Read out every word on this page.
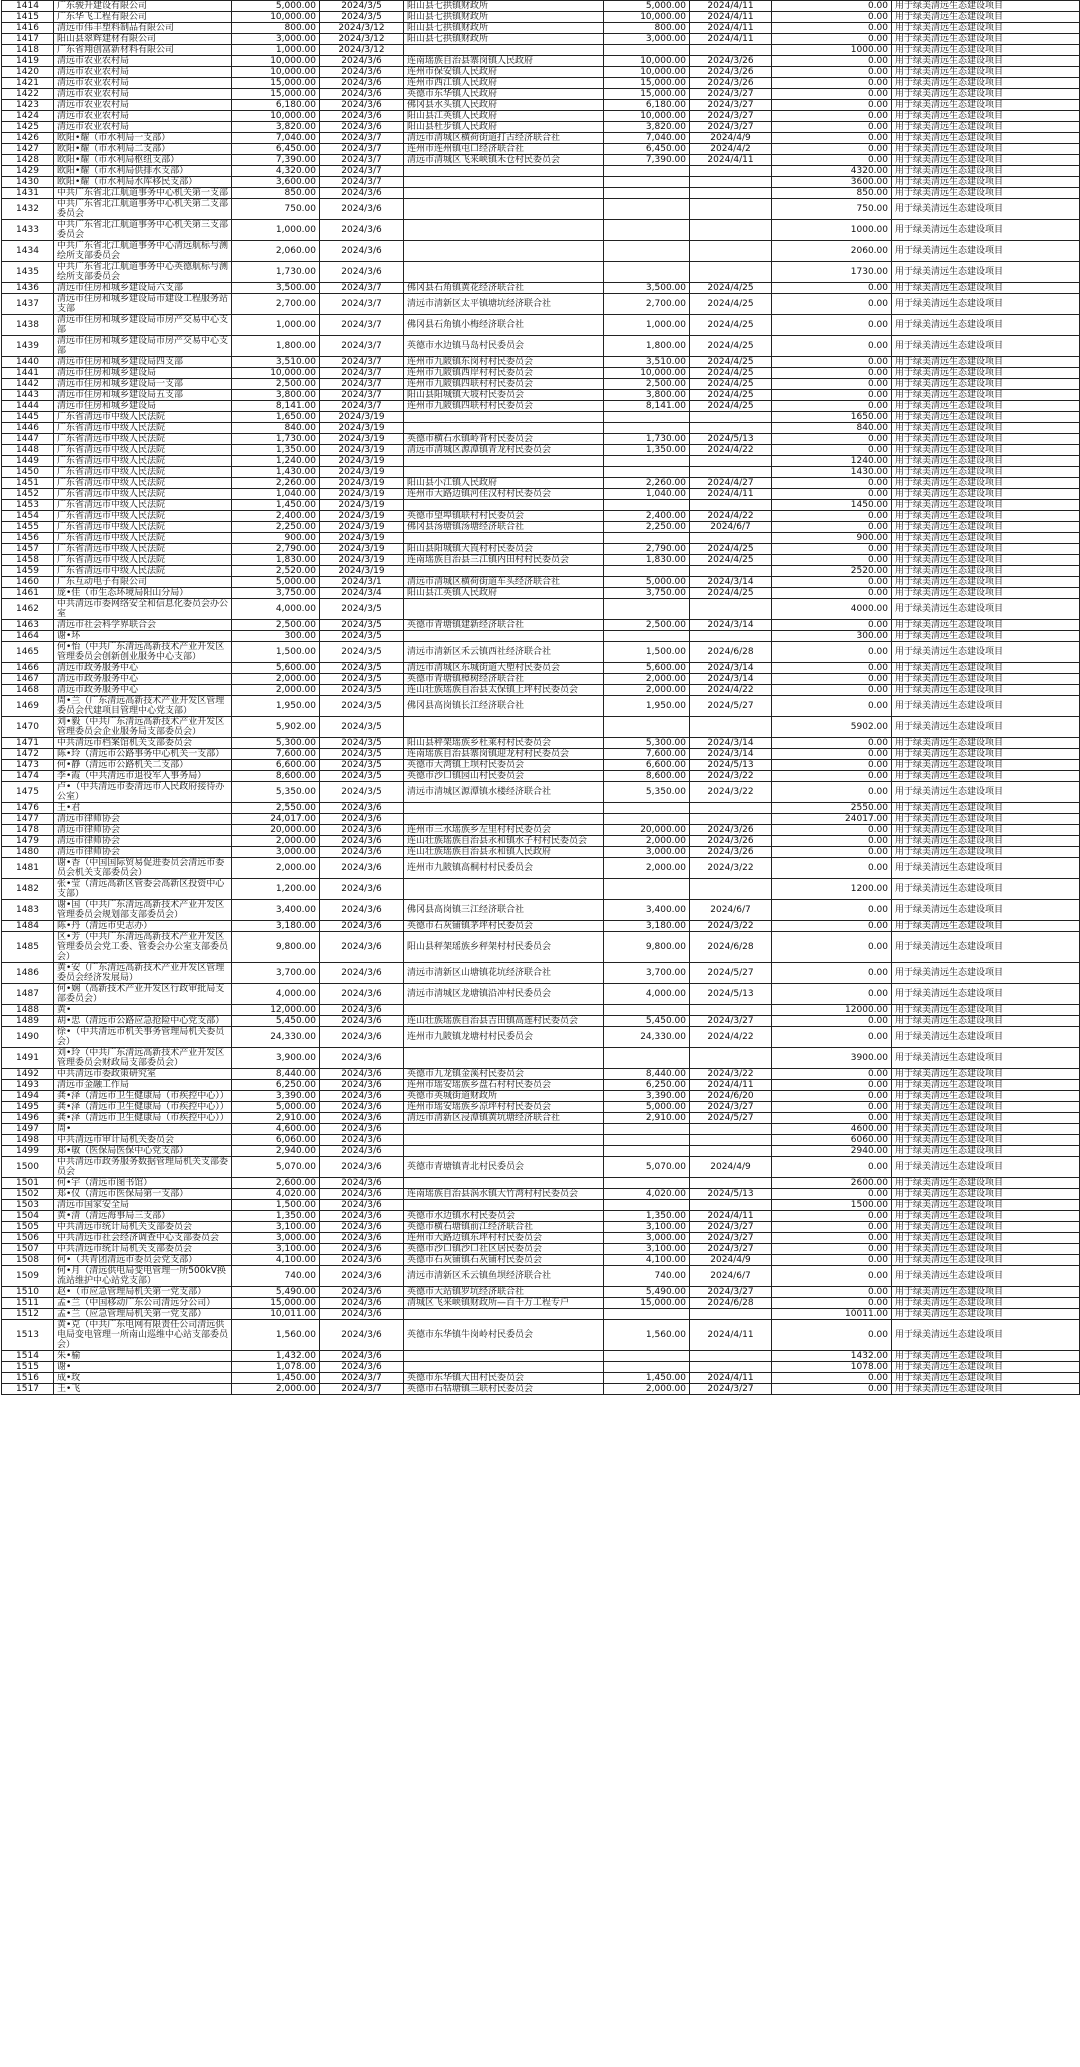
1414	广东骏升建设有限公司	5,000.00	2024/3/5	阳山县七拱镇财政所	5,000.00	2024/4/11	0.00	用于绿美清远生态建设项目
1415	广东华飞工程有限公司	10,000.00	2024/3/5	阳山县七拱镇财政所	10,000.00	2024/4/11	0.00	用于绿美清远生态建设项目
1416	清远市伟丰塑料制品有限公司	800.00	2024/3/12	阳山县七拱镇财政所	800.00	2024/4/11	0.00	用于绿美清远生态建设项目
1417	阳山县翠辉建材有限公司	3,000.00	2024/3/12	阳山县七拱镇财政所	3,000.00	2024/4/11	0.00	用于绿美清远生态建设项目
1418	广东省翔创富新材料有限公司	1,000.00	2024/3/12				1000.00	用于绿美清远生态建设项目
1419	清远市农业农村局	10,000.00	2024/3/6	连南瑶族自治县寨岗镇人民政府	10,000.00	2024/3/26	0.00	用于绿美清远生态建设项目
1420	清远市农业农村局	10,000.00	2024/3/6	连州市保安镇人民政府	10,000.00	2024/3/26	0.00	用于绿美清远生态建设项目
1421	清远市农业农村局	15,000.00	2024/3/6	连州市西江镇人民政府	15,000.00	2024/3/26	0.00	用于绿美清远生态建设项目
1422	清远市农业农村局	15,000.00	2024/3/6	英德市东华镇人民政府	15,000.00	2024/3/27	0.00	用于绿美清远生态建设项目
1423	清远市农业农村局	6,180.00	2024/3/6	佛冈县水头镇人民政府	6,180.00	2024/3/27	0.00	用于绿美清远生态建设项目
1424	清远市农业农村局	10,000.00	2024/3/6	阳山县江英镇人民政府	10,000.00	2024/3/27	0.00	用于绿美清远生态建设项目
1425	清远市农业农村局	3,820.00	2024/3/6	阳山县杜步镇人民政府	3,820.00	2024/3/27	0.00	用于绿美清远生态建设项目
1426	欧阳•耀（市水利局一支部）	7,040.00	2024/3/7	清远市清城区横荷街道打古经济联合社	7,040.00	2024/4/9	0.00	用于绿美清远生态建设项目
1427	欧阳•耀（市水利局二支部）	6,450.00	2024/3/7	连州市连州镇屯口经济联合社	6,450.00	2024/4/2	0.00	用于绿美清远生态建设项目
1428	欧阳•耀（市水利局枢纽支部）	7,390.00	2024/3/7	清远市清城区飞来峡镇禾仓村民委员会	7,390.00	2024/4/11	0.00	用于绿美清远生态建设项目
1429	欧阳•耀（市水利局供排水支部）	4,320.00	2024/3/7				4320.00	用于绿美清远生态建设项目
1430	欧阳•耀（市水利局水库移民支部）	3,600.00	2024/3/7				3600.00	用于绿美清远生态建设项目
1431	中共广东省北江航道事务中心机关第一支部	850.00	2024/3/6				850.00	用于绿美清远生态建设项目
1432	中共广东省北江航道事务中心机关第二支部委员会	750.00	2024/3/6				750.00	用于绿美清远生态建设项目
1433	中共广东省北江航道事务中心机关第三支部委员会	1,000.00	2024/3/6				1000.00	用于绿美清远生态建设项目
1434	中共广东省北江航道事务中心清远航标与测绘所支部委员会	2,060.00	2024/3/6				2060.00	用于绿美清远生态建设项目
1435	中共广东省北江航道事务中心英德航标与测绘所支部委员会	1,730.00	2024/3/6				1730.00	用于绿美清远生态建设项目
1436	清远市住房和城乡建设局六支部	3,500.00	2024/3/7	佛冈县石角镇黄花经济联合社	3,500.00	2024/4/25	0.00	用于绿美清远生态建设项目
1437	清远市住房和城乡建设局市建设工程服务站支部	2,700.00	2024/3/7	清远市清新区太平镇塘坑经济联合社	2,700.00	2024/4/25	0.00	用于绿美清远生态建设项目
1438	清远市住房和城乡建设局市房产交易中心支部	1,000.00	2024/3/7	佛冈县石角镇小梅经济联合社	1,000.00	2024/4/25	0.00	用于绿美清远生态建设项目
1439	清远市住房和城乡建设局市房产交易中心支部	1,800.00	2024/3/7	英德市水边镇马岛村民委员会	1,800.00	2024/4/25	0.00	用于绿美清远生态建设项目
1440	清远市住房和城乡建设局四支部	3,510.00	2024/3/7	连州市九陂镇东岗村村民委员会	3,510.00	2024/4/25	0.00	用于绿美清远生态建设项目
1441	清远市住房和城乡建设局	10,000.00	2024/3/7	连州市九陂镇西岸村村民委员会	10,000.00	2024/4/25	0.00	用于绿美清远生态建设项目
1442	清远市住房和城乡建设局一支部	2,500.00	2024/3/7	连州市九陂镇四联村村民委员会	2,500.00	2024/4/25	0.00	用于绿美清远生态建设项目
1443	清远市住房和城乡建设局五支部	3,800.00	2024/3/7	阳山县阳城镇大坡村民委员会	3,800.00	2024/4/25	0.00	用于绿美清远生态建设项目
1444	清远市住房和城乡建设局	8,141.00	2024/3/7	连州市九陂镇四联村村民委员会	8,141.00	2024/4/25	0.00	用于绿美清远生态建设项目
1445	广东省清远市中级人民法院	1,650.00	2024/3/19				1650.00	用于绿美清远生态建设项目
1446	广东省清远市中级人民法院	840.00	2024/3/19				840.00	用于绿美清远生态建设项目
1447	广东省清远市中级人民法院	1,730.00	2024/3/19	英德市横石水镇岭背村民委员会	1,730.00	2024/5/13	0.00	用于绿美清远生态建设项目
1448	广东省清远市中级人民法院	1,350.00	2024/3/19	清远市清城区源潭镇青龙村民委员会	1,350.00	2024/4/22	0.00	用于绿美清远生态建设项目
1449	广东省清远市中级人民法院	1,240.00	2024/3/19				1240.00	用于绿美清远生态建设项目
1450	广东省清远市中级人民法院	1,430.00	2024/3/19				1430.00	用于绿美清远生态建设项目
1451	广东省清远市中级人民法院	2,260.00	2024/3/19	阳山县小江镇人民政府	2,260.00	2024/4/27	0.00	用于绿美清远生态建设项目
1452	广东省清远市中级人民法院	1,040.00	2024/3/19	连州市大路边镇河佳汉村村民委员会	1,040.00	2024/4/11	0.00	用于绿美清远生态建设项目
1453	广东省清远市中级人民法院	1,450.00	2024/3/19				1450.00	用于绿美清远生态建设项目
1454	广东省清远市中级人民法院	2,400.00	2024/3/19	英德市望埠镇联村村民委员会	2,400.00	2024/4/22	0.00	用于绿美清远生态建设项目
1455	广东省清远市中级人民法院	2,250.00	2024/3/19	佛冈县汤塘镇汤塘经济联合社	2,250.00	2024/6/7	0.00	用于绿美清远生态建设项目
1456	广东省清远市中级人民法院	900.00	2024/3/19				900.00	用于绿美清远生态建设项目
1457	广东省清远市中级人民法院	2,790.00	2024/3/19	阳山县阳城镇大崀村村民委员会	2,790.00	2024/4/25	0.00	用于绿美清远生态建设项目
1458	广东省清远市中级人民法院	1,830.00	2024/3/19	连南瑶族自治县三江镇内田村村民委员会	1,830.00	2024/4/25	0.00	用于绿美清远生态建设项目
1459	广东省清远市中级人民法院	2,520.00	2024/3/19				2520.00	用于绿美清远生态建设项目
1460	广东互动电子有限公司	5,000.00	2024/3/1	清远市清城区横荷街道车头经济联合社	5,000.00	2024/3/14	0.00	用于绿美清远生态建设项目
1461	庞•佳（市生态环境局阳山分局）	3,750.00	2024/3/4	阳山县江英镇人民政府	3,750.00	2024/4/25	0.00	用于绿美清远生态建设项目
1462	中共清远市委网络安全和信息化委员会办公室	4,000.00	2024/3/5				4000.00	用于绿美清远生态建设项目
1463	清远市社会科学界联合会	2,500.00	2024/3/5	英德市青塘镇建新经济联合社	2,500.00	2024/3/14	0.00	用于绿美清远生态建设项目
1464	谢•环	300.00	2024/3/5				300.00	用于绿美清远生态建设项目
1465	何•怡（中共广东清远高新技术产业开发区管理委员会创新创业服务中心支部）	1,500.00	2024/3/5	清远市清新区禾云镇西社经济联合社	1,500.00	2024/6/28	0.00	用于绿美清远生态建设项目
1466	清远市政务服务中心	5,600.00	2024/3/5	清远市清城区东城街道大塱村民委员会	5,600.00	2024/3/14	0.00	用于绿美清远生态建设项目
1467	清远市政务服务中心	2,000.00	2024/3/5	英德市青塘镇樟树经济联合社	2,000.00	2024/3/14	0.00	用于绿美清远生态建设项目
1468	清远市政务服务中心	2,000.00	2024/3/5	连山壮族瑶族自治县太保镇上坪村民委员会	2,000.00	2024/4/22	0.00	用于绿美清远生态建设项目
1469	周•兰（广东清远高新技术产业开发区管理委员会代建项目管理中心党支部）	1,950.00	2024/3/5	佛冈县高岗镇长江经济联合社	1,950.00	2024/5/27	0.00	用于绿美清远生态建设项目
1470	刘•毅（中共广东清远高新技术产业开发区管理委员会企业服务局支部委员会）	5,902.00	2024/3/5				5902.00	用于绿美清远生态建设项目
1471	中共清远市档案馆机关支部委员会	5,300.00	2024/3/5	阳山县秤架瑶族乡杜莱村村民委员会	5,300.00	2024/3/14	0.00	用于绿美清远生态建设项目
1472	陈•玲（清远市公路事务中心机关一支部）	7,600.00	2024/3/5	连南瑶族自治县寨岗镇迎龙村村民委员会	7,600.00	2024/3/14	0.00	用于绿美清远生态建设项目
1473	何•静（清远市公路机关二支部）	6,600.00	2024/3/5	英德市大湾镇上坝村民委员会	6,600.00	2024/5/13	0.00	用于绿美清远生态建设项目
1474	李•霞（中共清远市退役军人事务局）	8,600.00	2024/3/5	英德市沙口镇园山村民委员会	8,600.00	2024/3/22	0.00	用于绿美清远生态建设项目
1475	卢•（中共清远市委清远市人民政府接待办公室）	5,350.00	2024/3/5	清远市清城区源潭镇水楼经济联合社	5,350.00	2024/3/22	0.00	用于绿美清远生态建设项目
1476	王•君	2,550.00	2024/3/6				2550.00	用于绿美清远生态建设项目
1477	清远市律师协会	24,017.00	2024/3/6				24017.00	用于绿美清远生态建设项目
1478	清远市律师协会	20,000.00	2024/3/6	连州市三水瑶族乡左里村村民委员会	20,000.00	2024/3/26	0.00	用于绿美清远生态建设项目
1479	清远市律师协会	2,000.00	2024/3/6	连山壮族瑶族自治县永和镇水子村村民委员会	2,000.00	2024/3/26	0.00	用于绿美清远生态建设项目
1480	清远市律师协会	3,000.00	2024/3/6	连山壮族瑶族自治县永和镇人民政府	3,000.00	2024/3/26	0.00	用于绿美清远生态建设项目
1481	谢•香（中国国际贸易促进委员会清远市委员会机关支部委员会）	2,000.00	2024/3/6	连州市九陂镇高桐村村民委员会	2,000.00	2024/3/22	0.00	用于绿美清远生态建设项目
1482	张•莹（清远高新区管委会高新区投资中心支部）	1,200.00	2024/3/6				1200.00	用于绿美清远生态建设项目
1483	谢•国（中共广东清远高新技术产业开发区管理委员会规划部支部委员会）	3,400.00	2024/3/6	佛冈县高岗镇三江经济联合社	3,400.00	2024/6/7	0.00	用于绿美清远生态建设项目
1484	陈•丹（清远市史志办）	3,180.00	2024/3/6	英德市石灰铺镇茅坪村民委员会	3,180.00	2024/3/22	0.00	用于绿美清远生态建设项目
1485	区•芳（中共广东清远高新技术产业开发区管理委员会党工委、管委会办公室支部委员会）	9,800.00	2024/3/6	阳山县秤架瑶族乡秤架村村民委员会	9,800.00	2024/6/28	0.00	用于绿美清远生态建设项目
1486	黄•安（广东清远高新技术产业开发区管理委员会经济发展局）	3,700.00	2024/3/6	清远市清新区山塘镇花坑经济联合社	3,700.00	2024/5/27	0.00	用于绿美清远生态建设项目
1487	何•娴（高新技术产业开发区行政审批局支部委员会）	4,000.00	2024/3/6	清远市清城区龙塘镇沿冲村民委员会	4,000.00	2024/5/13	0.00	用于绿美清远生态建设项目
1488	黄•	12,000.00	2024/3/6				12000.00	用于绿美清远生态建设项目
1489	胡•忠（清远市公路应急抢险中心党支部）	5,450.00	2024/3/6	连山壮族瑶族自治县吉田镇高莲村民委员会	5,450.00	2024/3/27	0.00	用于绿美清远生态建设项目
1490	徐•（中共清远市机关事务管理局机关委员会）	24,330.00	2024/3/6	连州市九陂镇龙塘村村民委员会	24,330.00	2024/4/22	0.00	用于绿美清远生态建设项目
1491	刘•玲（中共广东清远高新技术产业开发区管理委员会财政局支部委员会）	3,900.00	2024/3/6				3900.00	用于绿美清远生态建设项目
1492	中共清远市委政策研究室	8,440.00	2024/3/6	英德市九龙镇金溪村民委员会	8,440.00	2024/3/22	0.00	用于绿美清远生态建设项目
1493	清远市金融工作局	6,250.00	2024/3/6	连州市瑶安瑶族乡盘石村村民委员会	6,250.00	2024/4/11	0.00	用于绿美清远生态建设项目
1494	龚•泽（清远市卫生健康局（市疾控中心））	3,390.00	2024/3/6	英德市英城街道财政所	3,390.00	2024/6/20	0.00	用于绿美清远生态建设项目
1495	龚•泽（清远市卫生健康局（市疾控中心））	5,000.00	2024/3/6	连州市瑶安瑶族乡凉坪村村民委员会	5,000.00	2024/3/27	0.00	用于绿美清远生态建设项目
1496	龚•泽（清远市卫生健康局（市疾控中心））	2,910.00	2024/3/6	清远市清新区浸潭镇黄坑塘经济联合社	2,910.00	2024/5/27	0.00	用于绿美清远生态建设项目
1497	周•	4,600.00	2024/3/6				4600.00	用于绿美清远生态建设项目
1498	中共清远市审计局机关委员会	6,060.00	2024/3/6				6060.00	用于绿美清远生态建设项目
1499	郑•敏（医保局医保中心党支部）	2,940.00	2024/3/6				2940.00	用于绿美清远生态建设项目
1500	中共清远市政务服务数据管理局机关支部委员会	5,070.00	2024/3/6	英德市青塘镇青北村民委员会	5,070.00	2024/4/9	0.00	用于绿美清远生态建设项目
1501	何•宇（清远市图书馆）	2,600.00	2024/3/6				2600.00	用于绿美清远生态建设项目
1502	郑•仪（清远市医保局第一支部）	4,020.00	2024/3/6	连南瑶族自治县涡水镇大竹湾村村民委员会	4,020.00	2024/5/13	0.00	用于绿美清远生态建设项目
1503	清远市国家安全局	1,500.00	2024/3/6				1500.00	用于绿美清远生态建设项目
1504	黄•清（清远海事局三支部）	1,350.00	2024/3/6	英德市水边镇水村民委员会	1,350.00	2024/4/11	0.00	用于绿美清远生态建设项目
1505	中共清远市统计局机关支部委员会	3,100.00	2024/3/6	英德市横石塘镇前江经济联合社	3,100.00	2024/3/27	0.00	用于绿美清远生态建设项目
1506	中共清远市社会经济调查中心支部委员会	3,000.00	2024/3/6	连州市大路边镇东坪村村民委员会	3,000.00	2024/3/27	0.00	用于绿美清远生态建设项目
1507	中共清远市统计局机关支部委员会	3,100.00	2024/3/6	英德市沙口镇沙口社区居民委员会	3,100.00	2024/3/27	0.00	用于绿美清远生态建设项目
1508	何•（共青团清远市委员会党支部）	4,100.00	2024/3/6	英德市石灰铺镇石灰铺村民委员会	4,100.00	2024/4/9	0.00	用于绿美清远生态建设项目
1509	何•月（清远供电局变电管理一所500kV换流站维护中心站党支部）	740.00	2024/3/6	清远市清新区禾云镇鱼坝经济联合社	740.00	2024/6/7	0.00	用于绿美清远生态建设项目
1510	赵•（市应急管理局机关第一党支部）	5,490.00	2024/3/6	英德市大站镇罗坑经济联合社	5,490.00	2024/3/27	0.00	用于绿美清远生态建设项目
1511	孟•兰（中国移动广东公司清远分公司）	15,000.00	2024/3/6	清城区飞来峡镇财政所—百千万工程专户	15,000.00	2024/6/28	0.00	用于绿美清远生态建设项目
1512	孟•兰（应急管理局机关第一党支部）	10,011.00	2024/3/6				10011.00	用于绿美清远生态建设项目
1513	黄•克（中共广东电网有限责任公司清远供电局变电管理一所南山巡维中心站支部委员会）	1,560.00	2024/3/6	英德市东华镇牛岗岭村民委员会	1,560.00	2024/4/11	0.00	用于绿美清远生态建设项目
1514	朱•榆	1,432.00	2024/3/6				1432.00	用于绿美清远生态建设项目
1515	谢•	1,078.00	2024/3/6				1078.00	用于绿美清远生态建设项目
1516	成•玫	1,450.00	2024/3/7	英德市东华镇大田村民委员会	1,450.00	2024/4/11	0.00	用于绿美清远生态建设项目
1517	王•飞	2,000.00	2024/3/7	英德市石牯塘镇三联村民委员会	2,000.00	2024/3/27	0.00	用于绿美清远生态建设项目
